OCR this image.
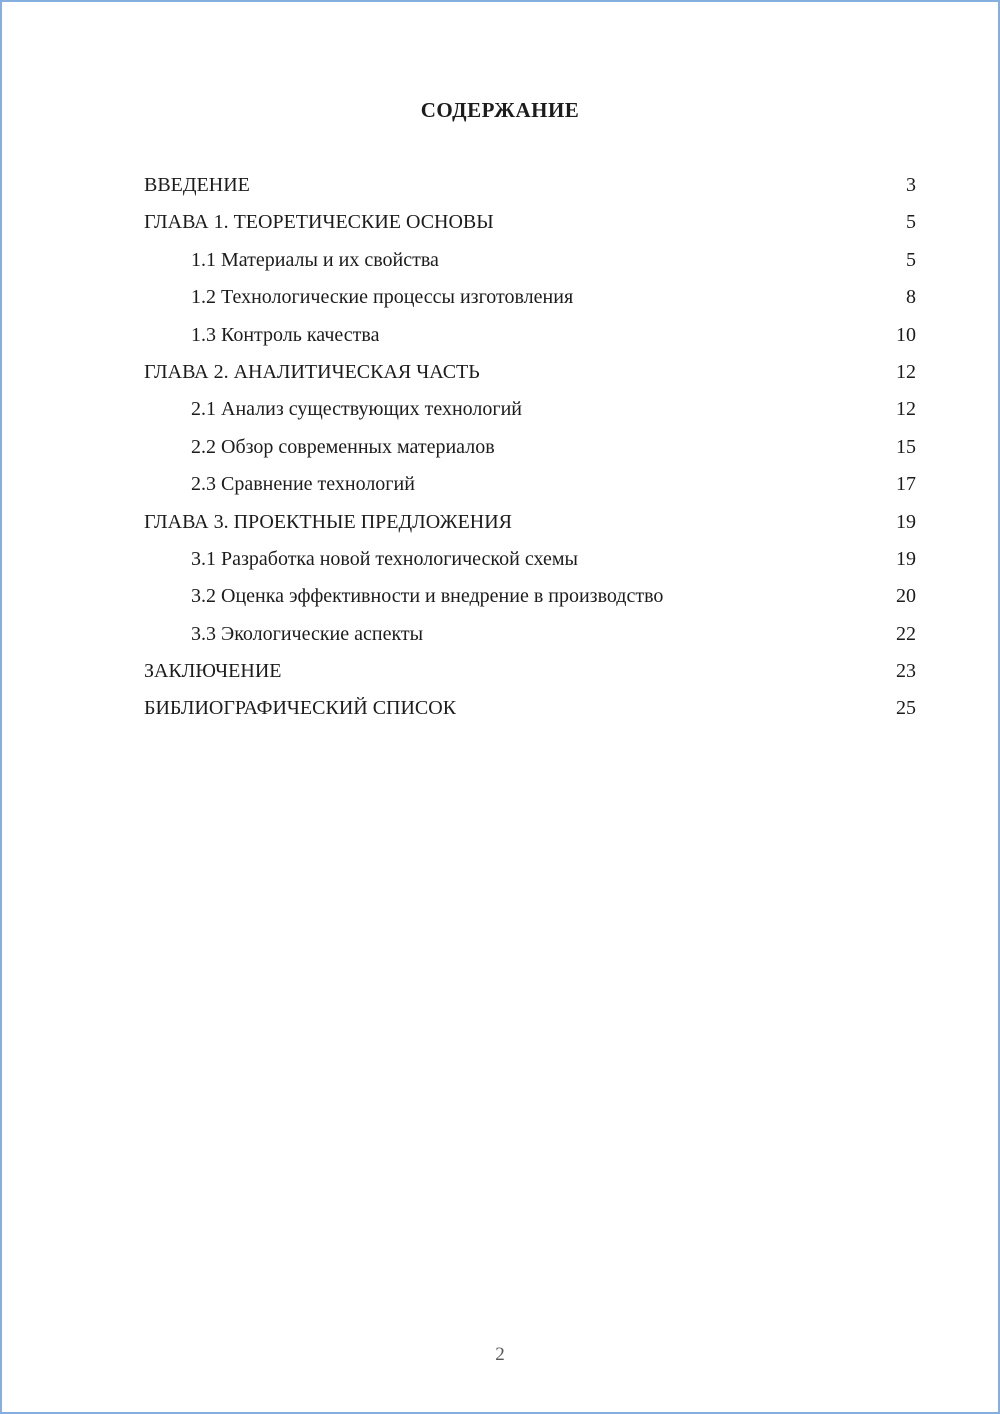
СОДЕРЖАНИЕ
ВВЕДЕНИЕ	3
ГЛАВА 1. ТЕОРЕТИЧЕСКИЕ ОСНОВЫ	5
1.1 Материалы и их свойства	5
1.2 Технологические процессы изготовления	8
1.3 Контроль качества	10
ГЛАВА 2. АНАЛИТИЧЕСКАЯ ЧАСТЬ	12
2.1 Анализ существующих технологий	12
2.2 Обзор современных материалов	15
2.3 Сравнение технологий	17
ГЛАВА 3. ПРОЕКТНЫЕ ПРЕДЛОЖЕНИЯ	19
3.1 Разработка новой технологической схемы	19
3.2 Оценка эффективности и внедрение в производство	20
3.3 Экологические аспекты	22
ЗАКЛЮЧЕНИЕ	23
БИБЛИОГРАФИЧЕСКИЙ СПИСОК	25
2
